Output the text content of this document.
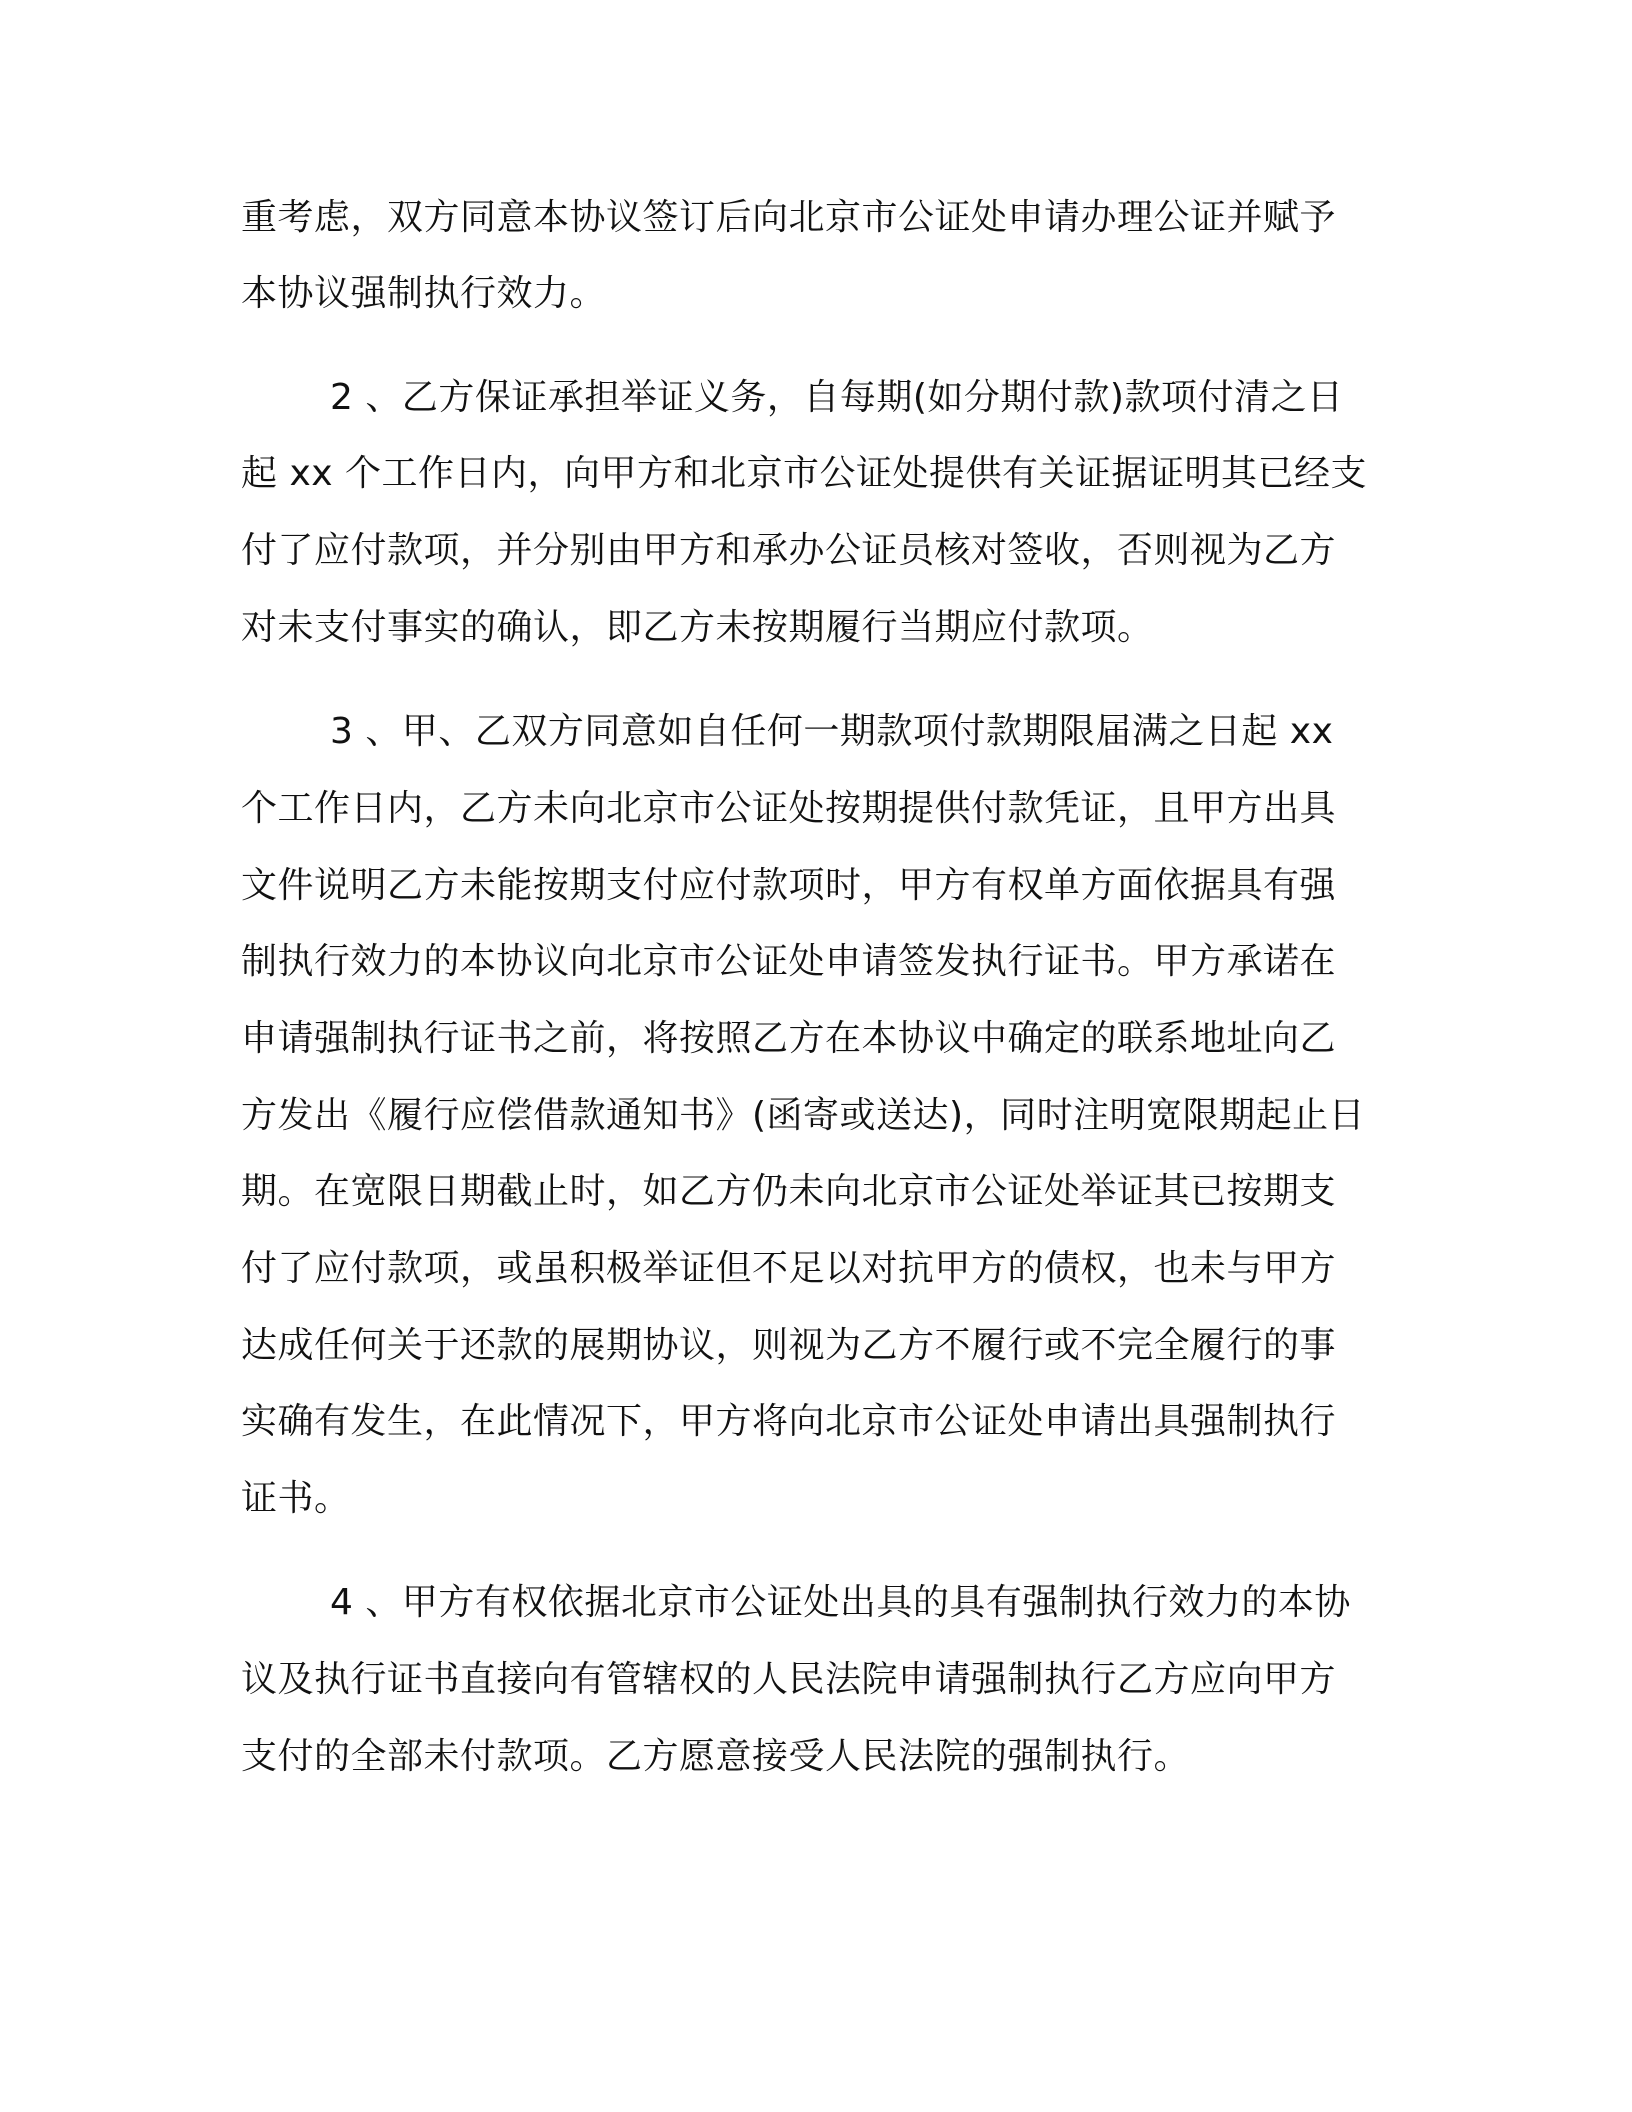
重考虑，双方同意本协议签订后向北京市公证处申请办理公证并赋予
本协议强制执行效力。
2 、乙方保证承担举证义务，自每期(如分期付款)款项付清之日
起 xx 个工作日内，向甲方和北京市公证处提供有关证据证明其已经支
付了应付款项，并分别由甲方和承办公证员核对签收，否则视为乙方
对未支付事实的确认，即乙方未按期履行当期应付款项。
3 、甲、乙双方同意如自任何一期款项付款期限届满之日起 xx
个工作日内，乙方未向北京市公证处按期提供付款凭证，且甲方出具
文件说明乙方未能按期支付应付款项时，甲方有权单方面依据具有强
制执行效力的本协议向北京市公证处申请签发执行证书。甲方承诺在
申请强制执行证书之前，将按照乙方在本协议中确定的联系地址向乙
方发出《履行应偿借款通知书》(函寄或送达)，同时注明宽限期起止日
期。在宽限日期截止时，如乙方仍未向北京市公证处举证其已按期支
付了应付款项，或虽积极举证但不足以对抗甲方的债权，也未与甲方
达成任何关于还款的展期协议，则视为乙方不履行或不完全履行的事
实确有发生，在此情况下，甲方将向北京市公证处申请出具强制执行
证书。
4 、甲方有权依据北京市公证处出具的具有强制执行效力的本协
议及执行证书直接向有管辖权的人民法院申请强制执行乙方应向甲方
支付的全部未付款项。乙方愿意接受人民法院的强制执行。
